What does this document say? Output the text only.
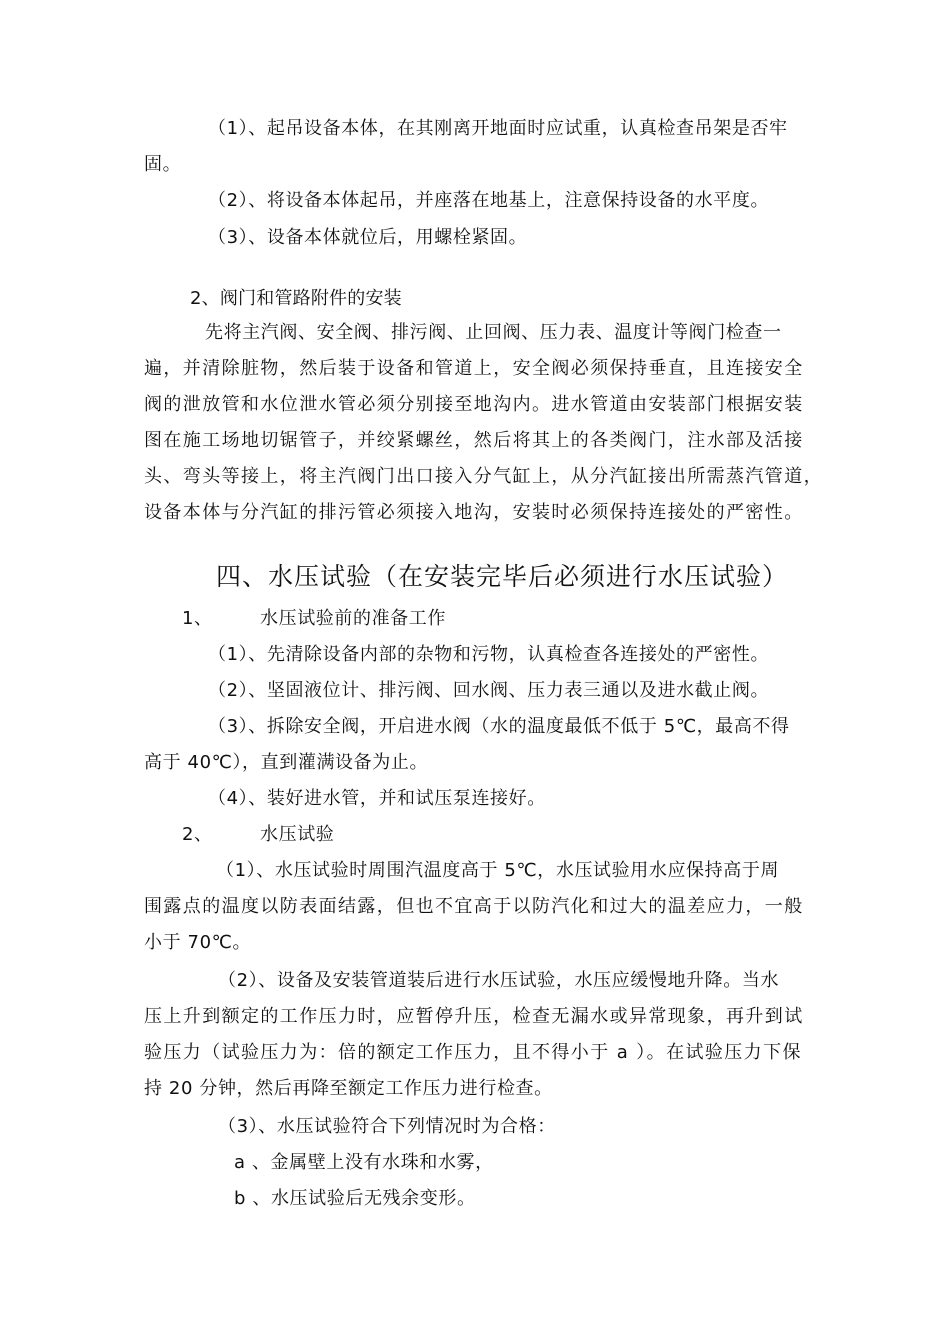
（1）、起吊设备本体，在其刚离开地面时应试重，认真检查吊架是否牢

固。

（2）、将设备本体起吊，并座落在地基上，注意保持设备的水平度。

（3）、设备本体就位后，用螺栓紧固。

2、阀门和管路附件的安装

先将主汽阀、安全阀、排污阀、止回阀、压力表、温度计等阀门检查一

遍，并清除脏物，然后装于设备和管道上，安全阀必须保持垂直，且连接安全

阀的泄放管和水位泄水管必须分别接至地沟内。进水管道由安装部门根据安装

图在施工场地切锯管子，并绞紧螺丝，然后将其上的各类阀门，注水部及活接

头、弯头等接上，将主汽阀门出口接入分气缸上，从分汽缸接出所需蒸汽管道，

设备本体与分汽缸的排污管必须接入地沟，安装时必须保持连接处的严密性。

四、水压试验（在安装完毕后必须进行水压试验）

1、	水压试验前的准备工作

（1）、先清除设备内部的杂物和污物，认真检查各连接处的严密性。

（2）、坚固液位计、排污阀、回水阀、压力表三通以及进水截止阀。

（3）、拆除安全阀，开启进水阀（水的温度最低不低于 5℃，最高不得

高于 40℃），直到灌满设备为止。

（4）、装好进水管，并和试压泵连接好。

2、	水压试验

（1）、水压试验时周围汽温度高于 5℃，水压试验用水应保持高于周

围露点的温度以防表面结露，但也不宜高于以防汽化和过大的温差应力，一般

小于 70℃。

（2）、设备及安装管道装后进行水压试验，水压应缓慢地升降。当水

压上升到额定的工作压力时，应暂停升压，检查无漏水或异常现象，再升到试

验压力（试验压力为：倍的额定工作压力，且不得小于 a ）。在试验压力下保

持 20 分钟，然后再降至额定工作压力进行检查。

（3）、水压试验符合下列情况时为合格：

a 、金属壁上没有水珠和水雾，

b 、水压试验后无残余变形。
